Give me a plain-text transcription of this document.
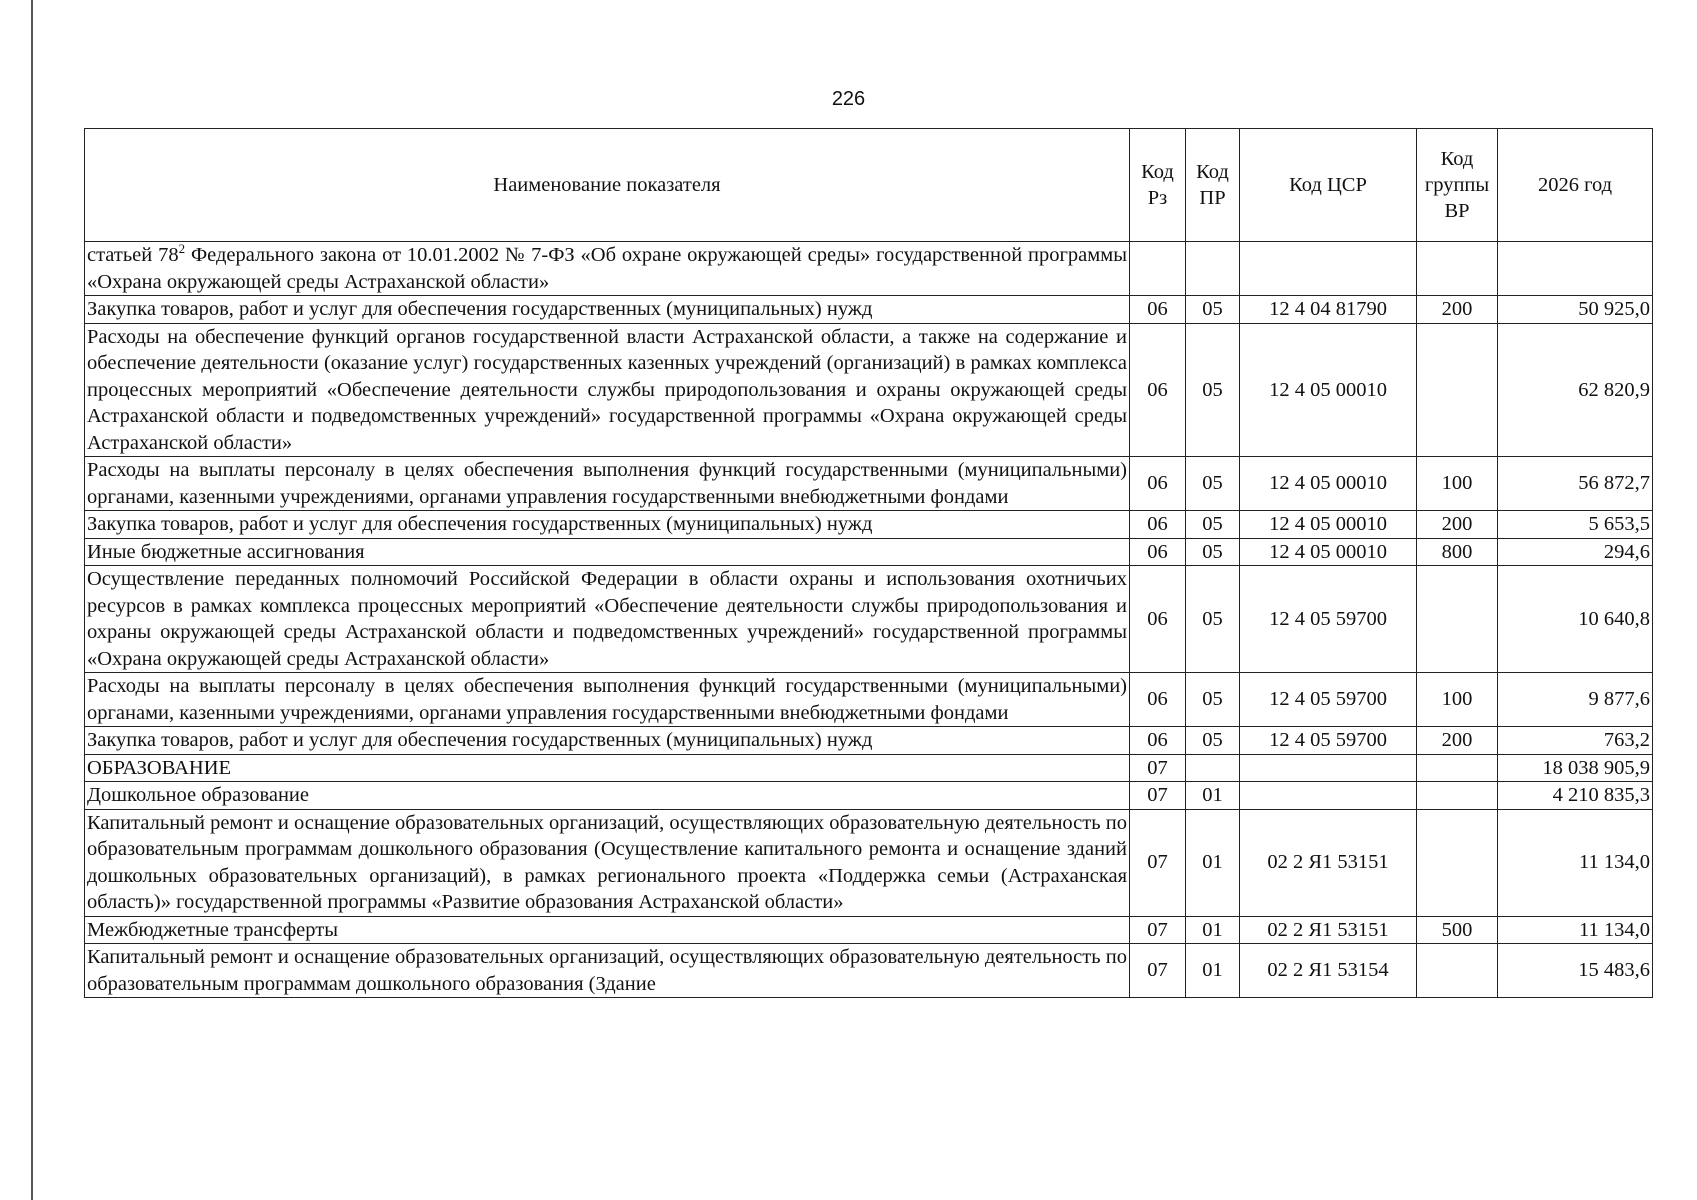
226
Наименование показателя	Код Рз	Код ПР	Код ЦСР	Код группы ВР	2026 год
статьей $78^2$ Федерального закона от 10.01.2002 № 7-ФЗ «Об охране окружающей среды» государственной программы «Охрана окружающей среды Астраханской области»					
Закупка товаров, работ и услуг для обеспечения государственных (муниципальных) нужд	06	05	12 4 04 81790	200	50 925,0
Расходы на обеспечение функций органов государственной власти Астраханской области, а также на содержание и обеспечение деятельности (оказание услуг) государственных казенных учреждений (организаций) в рамках комплекса процессных мероприятий «Обеспечение деятельности службы природопользования и охраны окружающей среды Астраханской области и подведомственных учреждений» государственной программы «Охрана окружающей среды Астраханской области»	06	05	12 4 05 00010		62 820,9
Расходы на выплаты персоналу в целях обеспечения выполнения функций государственными (муниципальными) органами, казенными учреждениями, органами управления государственными внебюджетными фондами	06	05	12 4 05 00010	100	56 872,7
Закупка товаров, работ и услуг для обеспечения государственных (муниципальных) нужд	06	05	12 4 05 00010	200	5 653,5
Иные бюджетные ассигнования	06	05	12 4 05 00010	800	294,6
Осуществление переданных полномочий Российской Федерации в области охраны и использования охотничьих ресурсов в рамках комплекса процессных мероприятий «Обеспечение деятельности службы природопользования и охраны окружающей среды Астраханской области и подведомственных учреждений» государственной программы «Охрана окружающей среды Астраханской области»	06	05	12 4 05 59700		10 640,8
Расходы на выплаты персоналу в целях обеспечения выполнения функций государственными (муниципальными) органами, казенными учреждениями, органами управления государственными внебюджетными фондами	06	05	12 4 05 59700	100	9 877,6
Закупка товаров, работ и услуг для обеспечения государственных (муниципальных) нужд	06	05	12 4 05 59700	200	763,2
ОБРАЗОВАНИЕ	07				18 038 905,9
Дошкольное образование	07	01			4 210 835,3
Капитальный ремонт и оснащение образовательных организаций, осуществляющих образовательную деятельность по образовательным программам дошкольного образования (Осуществление капитального ремонта и оснащение зданий дошкольных образовательных организаций), в рамках регионального проекта «Поддержка семьи (Астраханская область)» государственной программы «Развитие образования Астраханской области»	07	01	02 2 Я1 53151		11 134,0
Межбюджетные трансферты	07	01	02 2 Я1 53151	500	11 134,0
Капитальный ремонт и оснащение образовательных организаций, осуществляющих образовательную деятельность по образовательным программам дошкольного образования (Здание	07	01	02 2 Я1 53154		15 483,6
